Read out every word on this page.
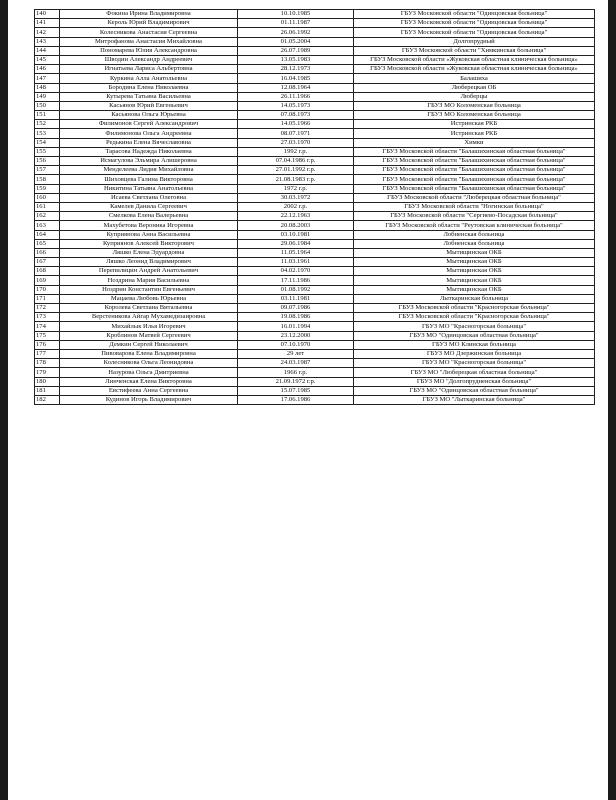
140	Фокина Ирина Владимировна	10.10.1985	ГБУЗ Московской области "Одинцовская больница"
141	Кероль Юрий Владимирович	01.11.1987	ГБУЗ Московской области "Одинцовская больница"
142	Колесникова Анастасия Сергеевна	26.06.1992	ГБУЗ Московской области "Одинцовская больница"
143	Митрофанова Анастасия Михайловна	01.05.2004	Долгопрудный
144	Пономарева Юлия Александровна	26.07.1989	ГБУЗ Московской области "Химкинская больница"
145	Шводин Александр Андреевич	13.05.1983	ГБУЗ Московской области «Жуковская областная клиническая больница»
146	Игнатьева Лариса Альбертовна	28.12.1973	ГБУЗ Московской области «Жуковская областная клиническая больница»
147	Куркина Алла Анатольевна	16.04.1985	Балашиха
148	Бородина Елена Николаевна	12.08.1964	Люберецкая ОБ
149	Кутырева Татьяна Васильевна	26.11.1966	Люберцы
150	Касьянов Юрий Евгеньевич	14.05.1973	ГБУЗ МО Коломенская больница
151	Касьянова Ольга Юрьевна	07.08.1973	ГБУЗ МО Коломенская больница
152	Филимонов Сергей Александрович	14.05.1966	Истринская РКБ
153	Филимонова Ольга Андреевна	08.07.1971	Истринская РКБ
154	Редькина Елена Вячеславовна	27.03.1970	Химки
155	Тарасова Надежда Николаевна	1992 г.р.	ГБУЗ Московской области "Балашихинская областная больница"
156	Исмагулова Эльмира Алишеровна	07.04.1986 г.р.	ГБУЗ Московской области "Балашихинская областная больница"
157	Менделеева Лидия Михайловна	27.01.1992 г.р.	ГБУЗ Московской области "Балашихинская областная больница"
158	Шиховцева Галина Викторовна	21.08.1983 г.р.	ГБУЗ Московской области "Балашихинская областная больница"
159	Никитина Татьяна Анатольевна	1972 г.р.	ГБУЗ Московской области "Балашихинская областная больница"
160	Исаева Светлана Олеговна	30.03.1972	ГБУЗ Московской области "Люберецкая областная больница"
161	Камелев Данила Сергеевич	2002 г.р.	ГБУЗ Московской области "Ногинская больница"
162	Смелкова Елена Валерьевна	22.12.1963	ГБУЗ Московской области "Сергиево-Посадская больница"
163	Махубетова Вероника Игоревна	20.08.2003	ГБУЗ Московской области "Реутовская клиническая больница"
164	Куприянова Анна Васильевна	03.10.1981	Лобненская больница
165	Куприянов Алексей Викторович	29.06.1984	Лобненская больница
166	Ляшко Елена Эдуардовна	11.05.1964	Мытищинская ОКБ
167	Ляшко Леонид Владимирович	11.03.1961	Мытищинская ОКБ
168	Перепилицин Андрей Анатольевич	04.02.1970	Мытищинская ОКБ
169	Ноздрина Мария Васильевна	17.11.1986	Мытищинская ОКБ
170	Ноздрин Константин Евгеньевич	01.08.1992	Мытищинская ОКБ
171	Мацаева Любовь Юрьевна	03.11.1981	Лыткаринская больница
172	Королева Светлана Витальевна	09.07.1986	ГБУЗ Московской области "Красногорская больница"
173	Верстеникова Айгар Мухамедизаировна	19.08.1986	ГБУЗ Московской области "Красногорская больница"
174	Михайлык Илья Игоревич	16.01.1994	ГБУЗ МО "Красногорская больница"
175	Кроблинов Матвей Сергеевич	23.12.2000	ГБУЗ МО "Одинцовская областная больница"
176	Демкин Сергей Николаевич	07.10.1970	ГБУЗ МО Клинская больница
177	Пивоварова Елена Владимировна	29 лет	ГБУЗ МО Дзержинская больница
178	Колесникова Ольга Леонидовна	24.03.1987	ГБУЗ МО "Красногорская больница"
179	Назурова Ольга Дмитриевна	1966 г.р.	ГБУЗ МО "Люберецкая областная больница"
180	Линченская Елена Викторовна	21.09.1972 г.р.	ГБУЗ МО "Долгопрудненская больница"
181	Евстифеева Анна Сергеевна	15.07.1985	ГБУЗ МО "Одинцовская областная больница"
182	Кудинов Игорь Владимирович	17.06.1986	ГБУЗ МО "Лыткаринская больница"
